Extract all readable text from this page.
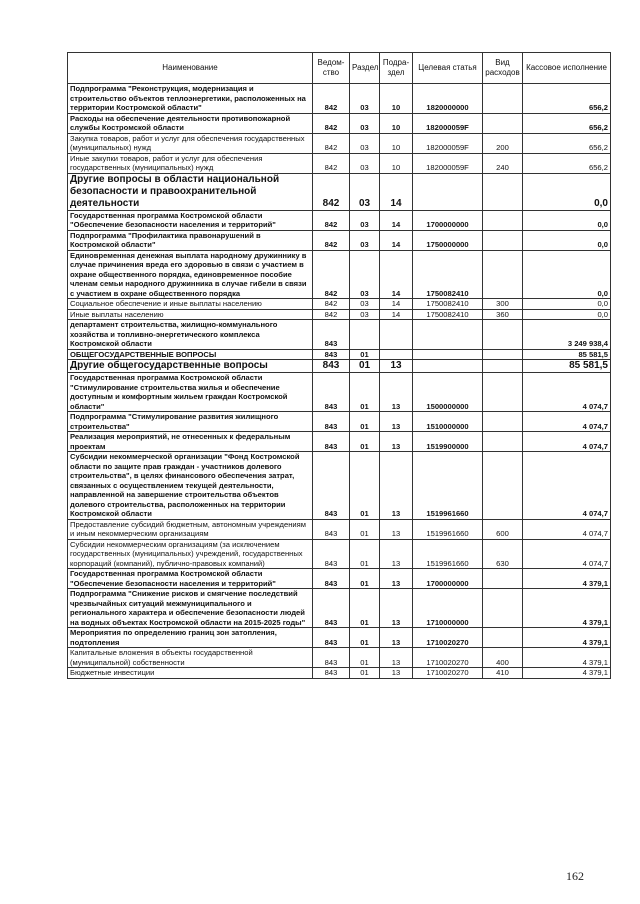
Наименование	Ведом-ство	Раздел	Подра-здел	Целевая статья	Вид расходов	Кассовое исполнение
Подпрограмма "Реконструкция, модернизация и строительство объектов теплоэнергетики, расположенных на территории Костромской области"	842	03	10	1820000000		656,2
Расходы на обеспечение деятельности противопожарной службы Костромской области	842	03	10	182000059F		656,2
Закупка товаров, работ и услуг для обеспечения государственных (муниципальных) нужд	842	03	10	182000059F	200	656,2
Иные закупки товаров, работ и услуг для обеспечения государственных (муниципальных) нужд	842	03	10	182000059F	240	656,2
Другие вопросы в области национальной безопасности и правоохранительной деятельности	842	03	14			0,0
Государственная программа Костромской области "Обеспечение безопасности населения и территорий"	842	03	14	1700000000		0,0
Подпрограмма "Профилактика правонарушений в Костромской области"	842	03	14	1750000000		0,0
Единовременная денежная выплата народному дружиннику в случае причинения вреда его здоровью в связи с участием в охране общественного порядка, единовременное пособие членам семьи народного дружинника в случае гибели в связи с участием в охране общественного порядка	842	03	14	1750082410		0,0
Социальное обеспечение и иные выплаты населению	842	03	14	1750082410	300	0,0
Иные выплаты населению	842	03	14	1750082410	360	0,0
департамент строительства, жилищно-коммунального хозяйства и топливно-энергетического комплекса Костромской области	843					3 249 938,4
ОБЩЕГОСУДАРСТВЕННЫЕ ВОПРОСЫ	843	01				85 581,5
Другие общегосударственные вопросы	843	01	13			85 581,5
Государственная программа Костромской области "Стимулирование строительства жилья и обеспечение доступным и комфортным жильем граждан Костромской области"	843	01	13	1500000000		4 074,7
Подпрограмма "Стимулирование развития жилищного строительства"	843	01	13	1510000000		4 074,7
Реализация мероприятий, не отнесенных к федеральным проектам	843	01	13	1519900000		4 074,7
Субсидии некоммерческой организации "Фонд Костромской области по защите прав граждан - участников долевого строительства", в целях финансового обеспечения затрат, связанных с осуществлением текущей деятельности, направленной на завершение строительства объектов долевого строительства, расположенных на территории Костромской области	843	01	13	1519961660		4 074,7
Предоставление субсидий бюджетным, автономным учреждениям и иным некоммерческим организациям	843	01	13	1519961660	600	4 074,7
Субсидии некоммерческим организациям (за исключением государственных (муниципальных) учреждений, государственных корпораций (компаний), публично-правовых компаний)	843	01	13	1519961660	630	4 074,7
Государственная программа Костромской области "Обеспечение безопасности населения и территорий"	843	01	13	1700000000		4 379,1
Подпрограмма "Снижение рисков и смягчение последствий чрезвычайных ситуаций межмуниципального и регионального характера и обеспечение безопасности людей на водных объектах Костромской области на 2015-2025 годы"	843	01	13	1710000000		4 379,1
Мероприятия по определению границ зон затопления, подтопления	843	01	13	1710020270		4 379,1
Капитальные вложения в объекты государственной (муниципальной) собственности	843	01	13	1710020270	400	4 379,1
Бюджетные инвестиции	843	01	13	1710020270	410	4 379,1
162
